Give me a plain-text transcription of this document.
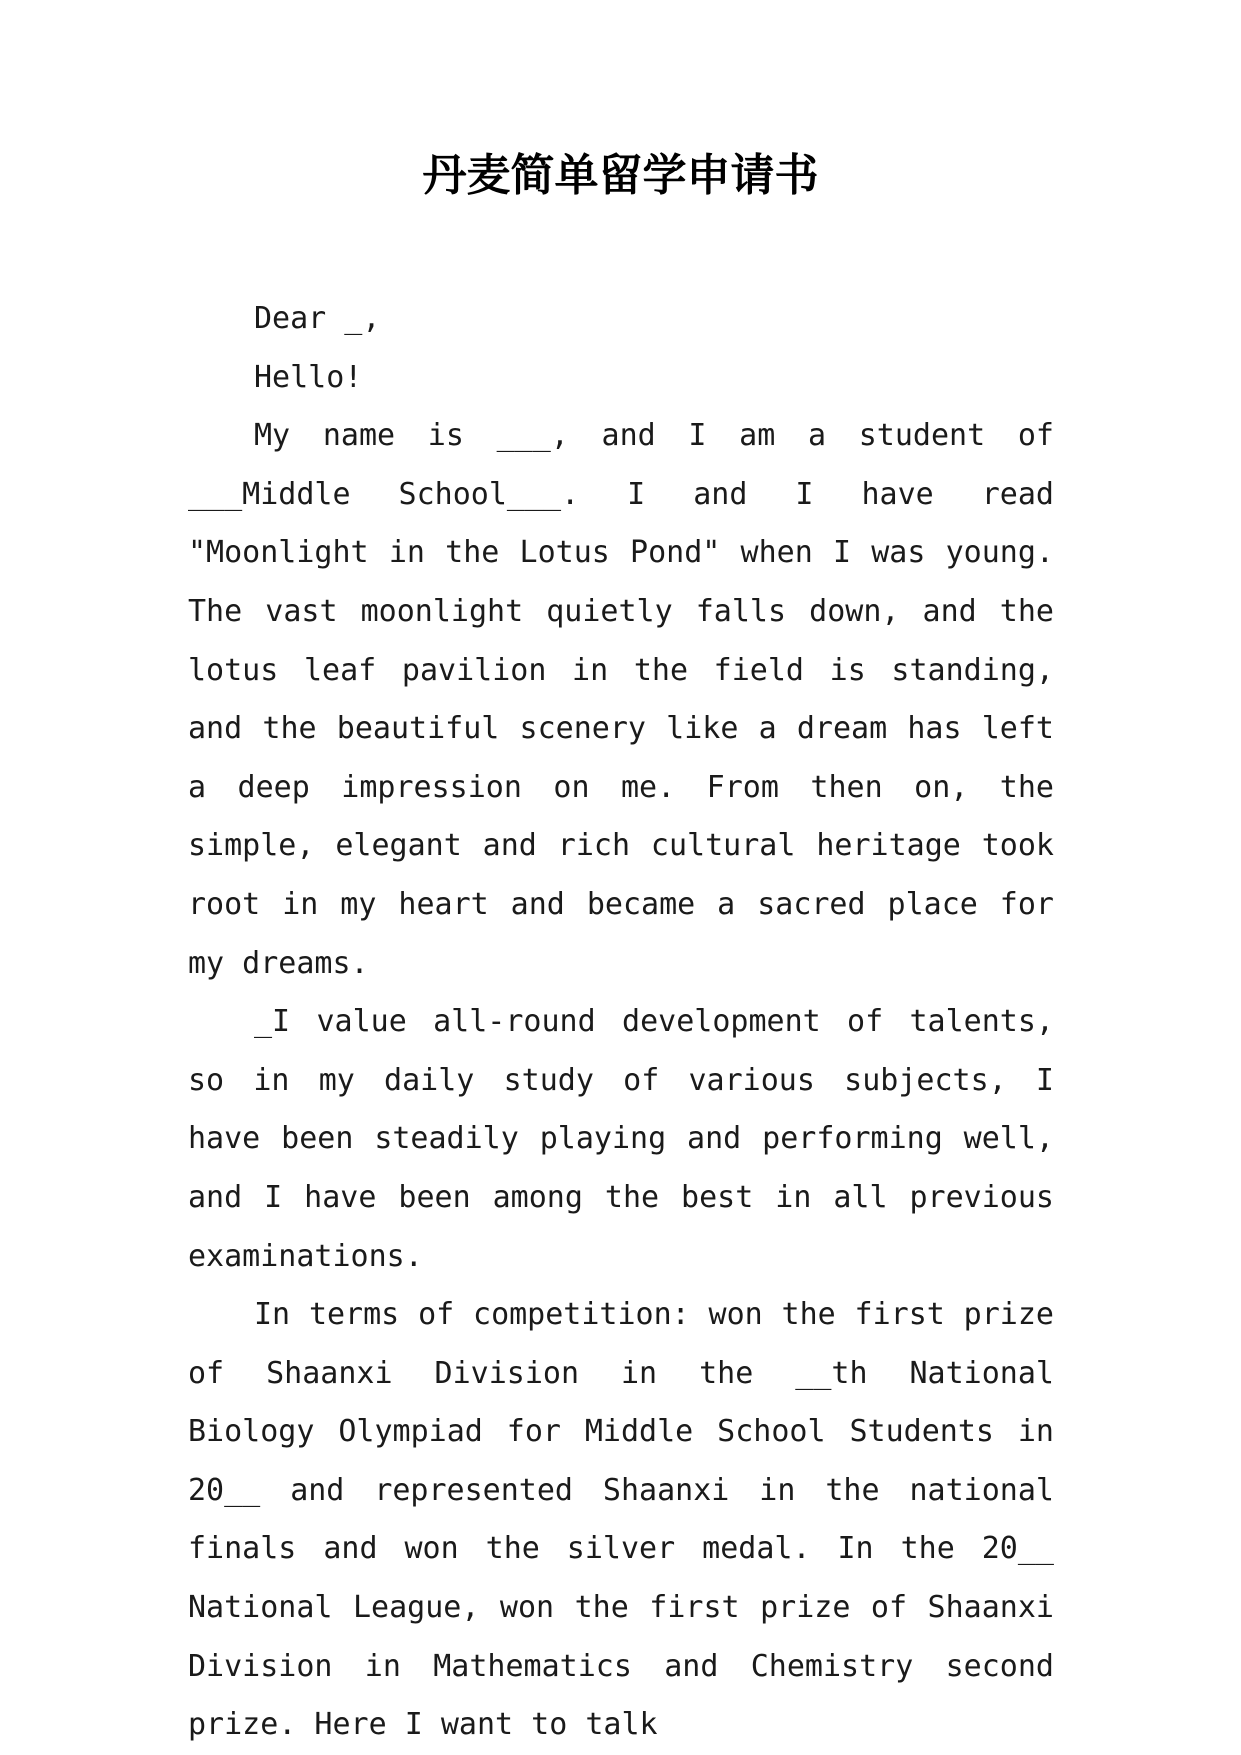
丹麦简单留学申请书

Dear _,

Hello!

My name is ___, and I am a student of ___Middle School___. I and I have read "Moonlight in the Lotus Pond" when I was young. The vast moonlight quietly falls down, and the lotus leaf pavilion in the field is standing, and the beautiful scenery like a dream has left a deep impression on me. From then on, the simple, elegant and rich cultural heritage took root in my heart and became a sacred place for my dreams.

_I value all-round development of talents, so in my daily study of various subjects, I have been steadily playing and performing well, and I have been among the best in all previous examinations.

In terms of competition: won the first prize of Shaanxi Division in the __th National Biology Olympiad for Middle School Students in 20__ and represented Shaanxi in the national finals and won the silver medal. In the 20__ National League, won the first prize of Shaanxi Division in Mathematics and Chemistry second prize. Here I want to talk
